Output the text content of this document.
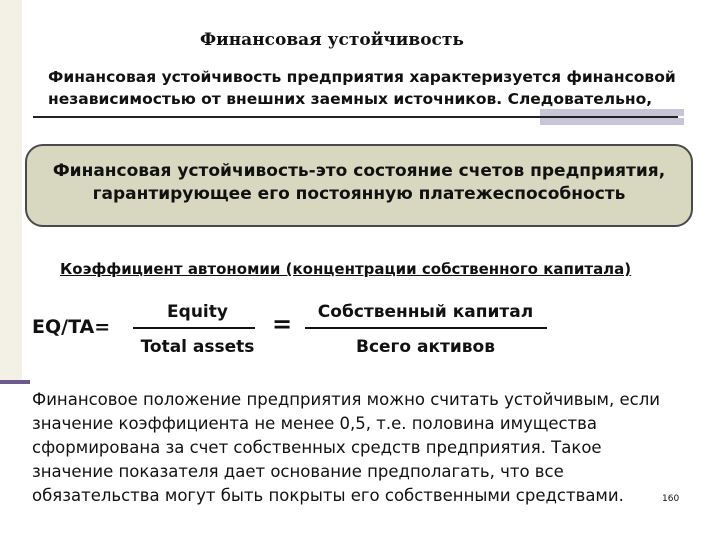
Финансовая устойчивость
Финансовая устойчивость предприятия характеризуется финансовой
независимостью от внешних заемных источников. Следовательно,
Финансовая устойчивость-это состояние счетов предприятия,
гарантирующее его постоянную платежеспособность
Коэффициент автономии (концентрации собственного капитала)
EQ/TA=
Equity
Total assets
=	Собственный капитал
Всего активов
Финансовое положение предприятия можно считать устойчивым, если
значение коэффициента не менее 0,5, т.е. половина имущества
сформирована за счет собственных средств предприятия. Такое
значение показателя дает основание предполагать, что все
обязательства могут быть покрыты его собственными средствами.	160
